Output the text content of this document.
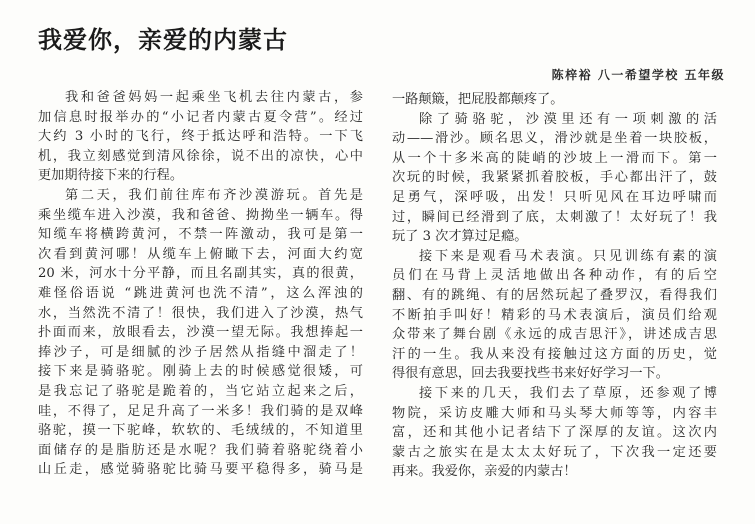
我爱你，亲爱的内蒙古
陈梓裕 八一希望学校 五年级
我和爸爸妈妈一起乘坐飞机去往内蒙古，参
加信息时报举办的“小记者内蒙古夏令营”。经过
大约 3 小时的飞行，终于抵达呼和浩特。一下飞
机，我立刻感觉到清风徐徐，说不出的凉快，心中
更加期待接下来的行程。
第二天，我们前往库布齐沙漠游玩。首先是
乘坐缆车进入沙漠，我和爸爸、拗拗坐一辆车。得
知缆车将横跨黄河，不禁一阵激动，我可是第一
次看到黄河哪！从缆车上俯瞰下去，河面大约宽
20 米，河水十分平静，而且名副其实，真的很黄，
难怪俗语说 “跳进黄河也洗不清”，这么浑浊的
水，当然洗不清了！很快，我们进入了沙漠，热气
扑面而来，放眼看去，沙漠一望无际。我想捧起一
捧沙子，可是细腻的沙子居然从指缝中溜走了！
接下来是骑骆驼。刚骑上去的时候感觉很矮，可
是我忘记了骆驼是跪着的，当它站立起来之后，
哇，不得了，足足升高了一米多！我们骑的是双峰
骆驼，摸一下驼峰，软软的、毛绒绒的，不知道里
面储存的是脂肪还是水呢？我们骑着骆驼绕着小
山丘走，感觉骑骆驼比骑马要平稳得多，骑马是
一路颠簸，把屁股都颠疼了。
除了骑骆驼，沙漠里还有一项刺激的活
动——滑沙。顾名思义，滑沙就是坐着一块胶板，
从一个十多米高的陡峭的沙坡上一滑而下。第一
次玩的时候，我紧紧抓着胶板，手心都出汗了，鼓
足勇气，深呼吸，出发！只听见风在耳边呼啸而
过，瞬间已经滑到了底，太刺激了！太好玩了！我
玩了 3 次才算过足瘾。
接下来是观看马术表演。只见训练有素的演
员们在马背上灵活地做出各种动作，有的后空
翻、有的跳绳、有的居然玩起了叠罗汉，看得我们
不断拍手叫好！精彩的马术表演后，演员们给观
众带来了舞台剧《永远的成吉思汗》，讲述成吉思
汗的一生。我从来没有接触过这方面的历史，觉
得很有意思，回去我要找些书来好好学习一下。
接下来的几天，我们去了草原，还参观了博
物院，采访皮雕大师和马头琴大师等等，内容丰
富，还和其他小记者结下了深厚的友谊。这次内
蒙古之旅实在是太太太好玩了，下次我一定还要
再来。我爱你，亲爱的内蒙古！
